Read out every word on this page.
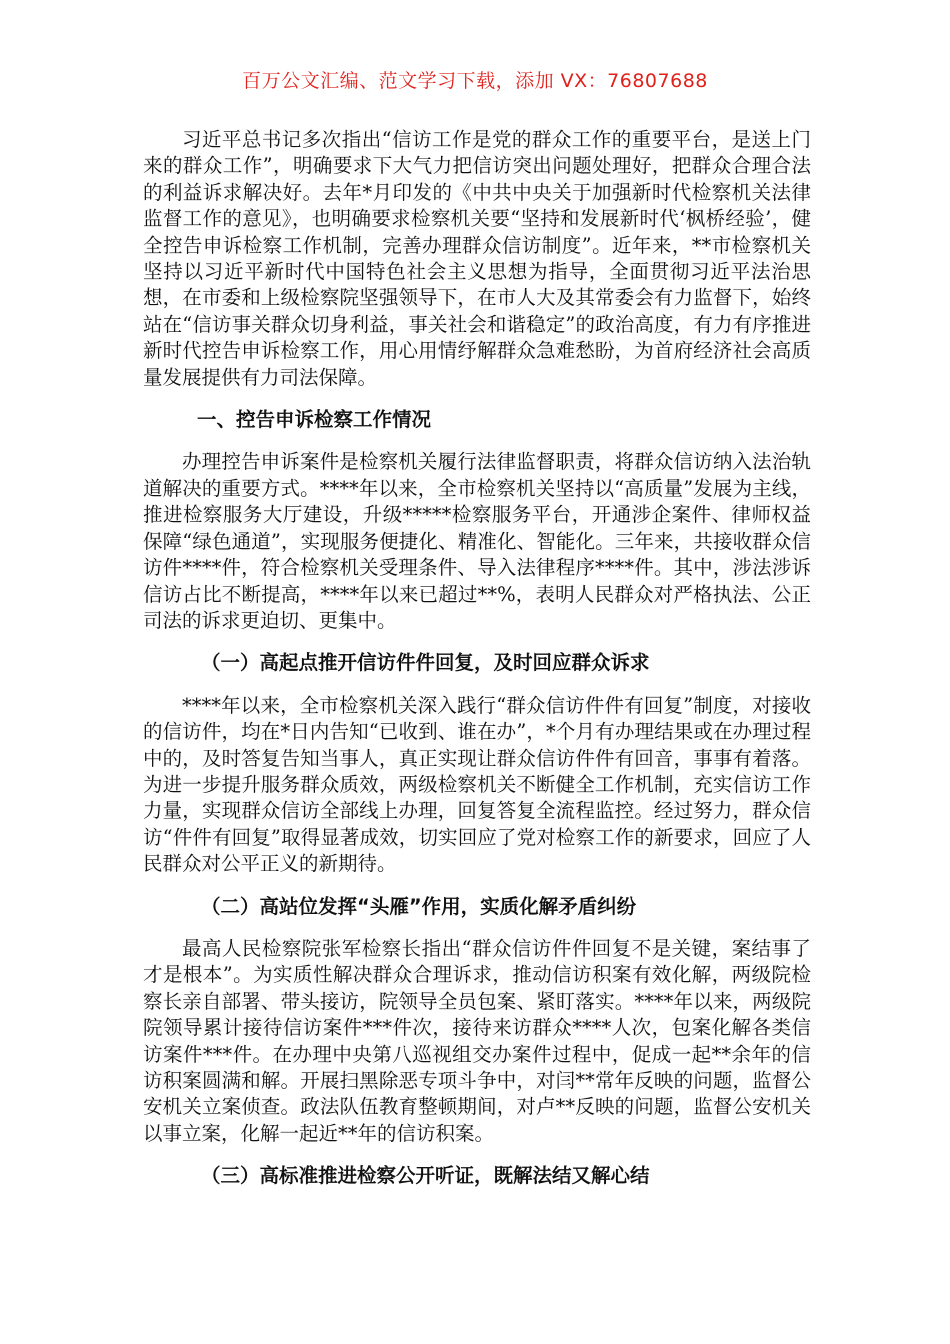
百万公文汇编、范文学习下载，添加 VX：76807688

习近平总书记多次指出“信访工作是党的群众工作的重要平台，是送上门来的群众工作”，明确要求下大气力把信访突出问题处理好，把群众合理合法的利益诉求解决好。去年*月印发的《中共中央关于加强新时代检察机关法律监督工作的意见》，也明确要求检察机关要“坚持和发展新时代‘枫桥经验’，健全控告申诉检察工作机制，完善办理群众信访制度”。近年来，**市检察机关坚持以习近平新时代中国特色社会主义思想为指导，全面贯彻习近平法治思想，在市委和上级检察院坚强领导下，在市人大及其常委会有力监督下，始终站在“信访事关群众切身利益，事关社会和谐稳定”的政治高度，有力有序推进新时代控告申诉检察工作，用心用情纾解群众急难愁盼，为首府经济社会高质量发展提供有力司法保障。

一、控告申诉检察工作情况

办理控告申诉案件是检察机关履行法律监督职责，将群众信访纳入法治轨道解决的重要方式。****年以来，全市检察机关坚持以“高质量”发展为主线，推进检察服务大厅建设，升级*****检察服务平台，开通涉企案件、律师权益保障“绿色通道”，实现服务便捷化、精准化、智能化。三年来，共接收群众信访件****件，符合检察机关受理条件、导入法律程序****件。其中，涉法涉诉信访占比不断提高，****年以来已超过**%，表明人民群众对严格执法、公正司法的诉求更迫切、更集中。

（一）高起点推开信访件件回复，及时回应群众诉求

****年以来，全市检察机关深入践行“群众信访件件有回复”制度，对接收的信访件，均在*日内告知“已收到、谁在办”，*个月有办理结果或在办理过程中的，及时答复告知当事人，真正实现让群众信访件件有回音，事事有着落。为进一步提升服务群众质效，两级检察机关不断健全工作机制，充实信访工作力量，实现群众信访全部线上办理，回复答复全流程监控。经过努力，群众信访“件件有回复”取得显著成效，切实回应了党对检察工作的新要求，回应了人民群众对公平正义的新期待。

（二）高站位发挥“头雁”作用，实质化解矛盾纠纷

最高人民检察院张军检察长指出“群众信访件件回复不是关键，案结事了才是根本”。为实质性解决群众合理诉求，推动信访积案有效化解，两级院检察长亲自部署、带头接访，院领导全员包案、紧盯落实。****年以来，两级院院领导累计接待信访案件***件次，接待来访群众****人次，包案化解各类信访案件***件。在办理中央第八巡视组交办案件过程中，促成一起**余年的信访积案圆满和解。开展扫黑除恶专项斗争中，对闫**常年反映的问题，监督公安机关立案侦查。政法队伍教育整顿期间，对卢**反映的问题，监督公安机关以事立案，化解一起近**年的信访积案。

（三）高标准推进检察公开听证，既解法结又解心结
